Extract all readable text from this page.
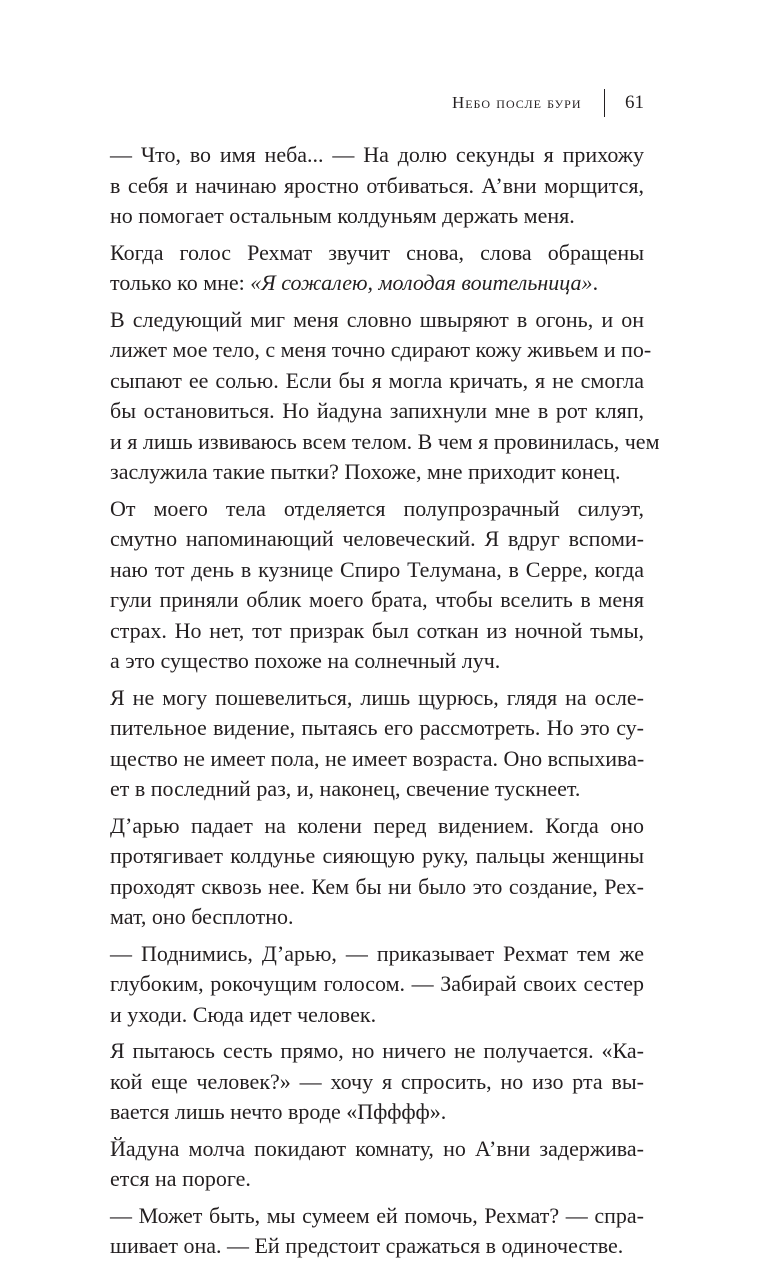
Небо после бури 61

— Что, во имя неба... — На долю секунды я прихожу
в себя и начинаю яростно отбиваться. А’вни морщится,
но помогает остальным колдуньям держать меня.

Когда голос Рехмат звучит снова, слова обращены
только ко мне: «Я сожалею, молодая воительница».

В следующий миг меня словно швыряют в огонь, и он
лижет мое тело, с меня точно сдирают кожу живьем и по-
сыпают ее солью. Если бы я могла кричать, я не смогла
бы остановиться. Но йадуна запихнули мне в рот кляп,
и я лишь извиваюсь всем телом. В чем я провинилась, чем
заслужила такие пытки? Похоже, мне приходит конец.

От моего тела отделяется полупрозрачный силуэт,
смутно напоминающий человеческий. Я вдруг вспоми-
наю тот день в кузнице Спиро Телумана, в Серре, когда
гули приняли облик моего брата, чтобы вселить в меня
страх. Но нет, тот призрак был соткан из ночной тьмы,
а это существо похоже на солнечный луч.

Я не могу пошевелиться, лишь щурюсь, глядя на осле-
пительное видение, пытаясь его рассмотреть. Но это су-
щество не имеет пола, не имеет возраста. Оно вспыхива-
ет в последний раз, и, наконец, свечение тускнеет.

Д’арью падает на колени перед видением. Когда оно
протягивает колдунье сияющую руку, пальцы женщины
проходят сквозь нее. Кем бы ни было это создание, Рех-
мат, оно бесплотно.

— Поднимись, Д’арью, — приказывает Рехмат тем же
глубоким, рокочущим голосом. — Забирай своих сестер
и уходи. Сюда идет человек.

Я пытаюсь сесть прямо, но ничего не получается. «Ка-
кой еще человек?» — хочу я спросить, но изо рта вы-
вается лишь нечто вроде «Пфффф».

Йадуна молча покидают комнату, но А’вни задержива-
ется на пороге.

— Может быть, мы сумеем ей помочь, Рехмат? — спра-
шивает она. — Ей предстоит сражаться в одиночестве.
